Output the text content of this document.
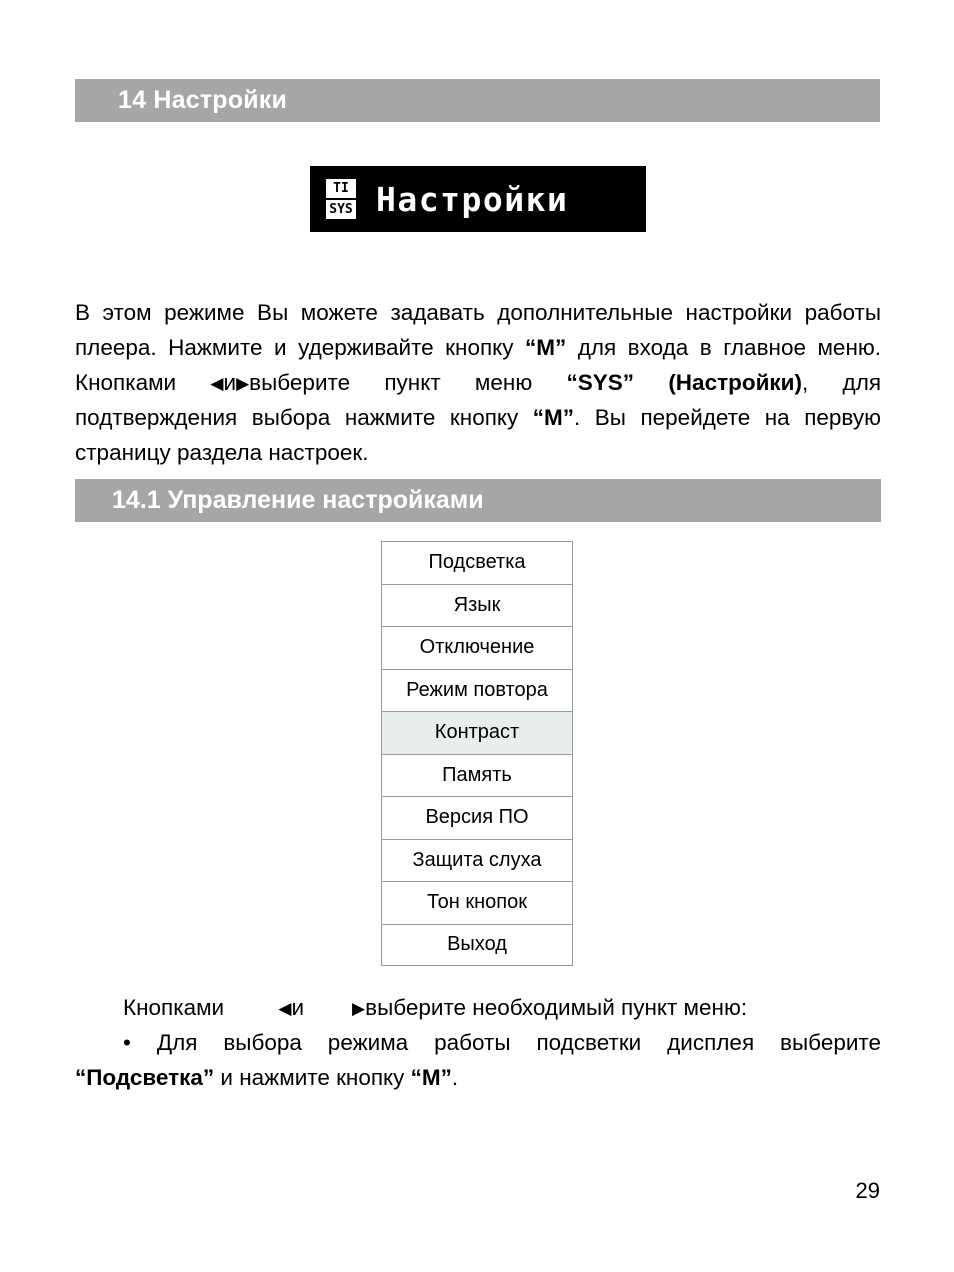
14 Настройки
TI
SYS Настройки

В этом режиме Вы можете задавать дополнительные настройки работы плеера. Нажмите и удерживайте кнопку “M” для входа в главное меню. Кнопками ◀и▶выберите пункт меню “SYS” (Настройки), для подтверждения выбора нажмите кнопку “M”. Вы перейдете на первую страницу раздела настроек.

14.1 Управление настройками
Подсветка
Язык
Отключение
Режим повтора
Контраст
Память
Версия ПО
Защита слуха
Тон кнопок
Выход
Кнопками	◀и	▶выберите необходимый пункт меню:
• Для выбора режима работы подсветки дисплея выберите “Подсветка” и нажмите кнопку “M”.
29
